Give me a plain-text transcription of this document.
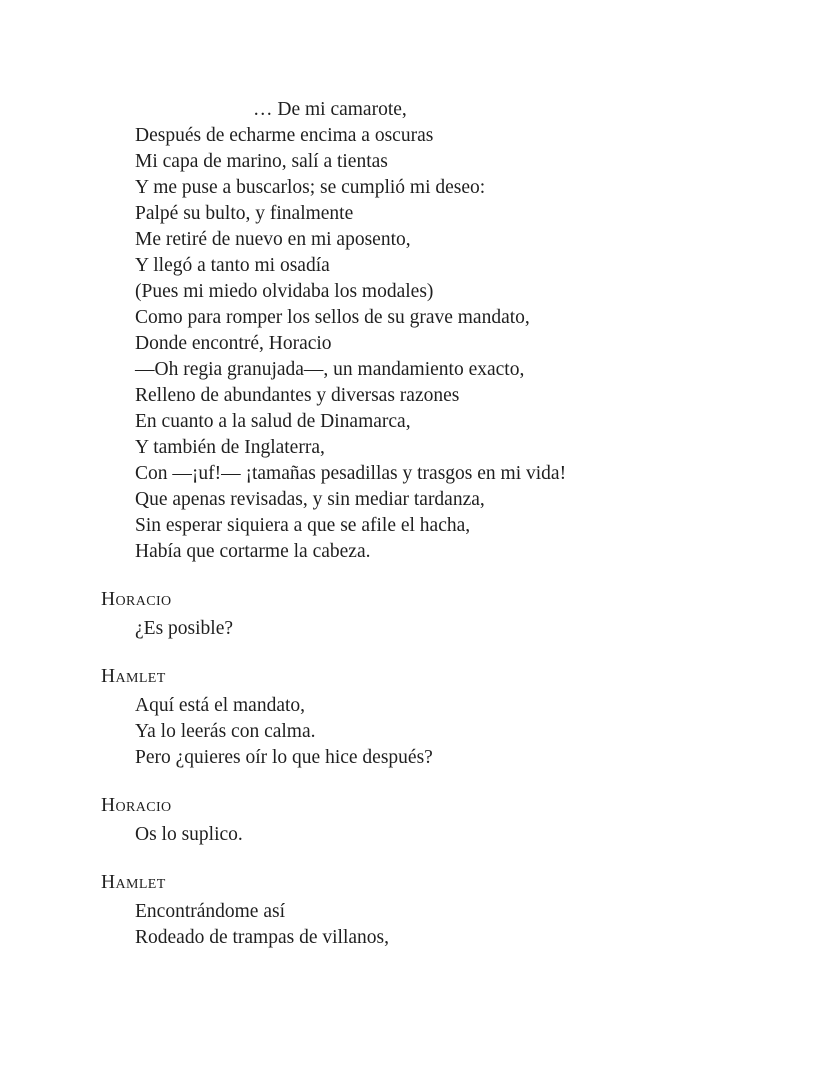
… De mi camarote,
Después de echarme encima a oscuras
Mi capa de marino, salí a tientas
Y me puse a buscarlos; se cumplió mi deseo:
Palpé su bulto, y finalmente
Me retiré de nuevo en mi aposento,
Y llegó a tanto mi osadía
(Pues mi miedo olvidaba los modales)
Como para romper los sellos de su grave mandato,
Donde encontré, Horacio
—Oh regia granujada—, un mandamiento exacto,
Relleno de abundantes y diversas razones
En cuanto a la salud de Dinamarca,
Y también de Inglaterra,
Con —¡uf!— ¡tamañas pesadillas y trasgos en mi vida!
Que apenas revisadas, y sin mediar tardanza,
Sin esperar siquiera a que se afile el hacha,
Había que cortarme la cabeza.
Horacio
¿Es posible?
Hamlet
Aquí está el mandato,
Ya lo leerás con calma.
Pero ¿quieres oír lo que hice después?
Horacio
Os lo suplico.
Hamlet
Encontrándome así
Rodeado de trampas de villanos,
